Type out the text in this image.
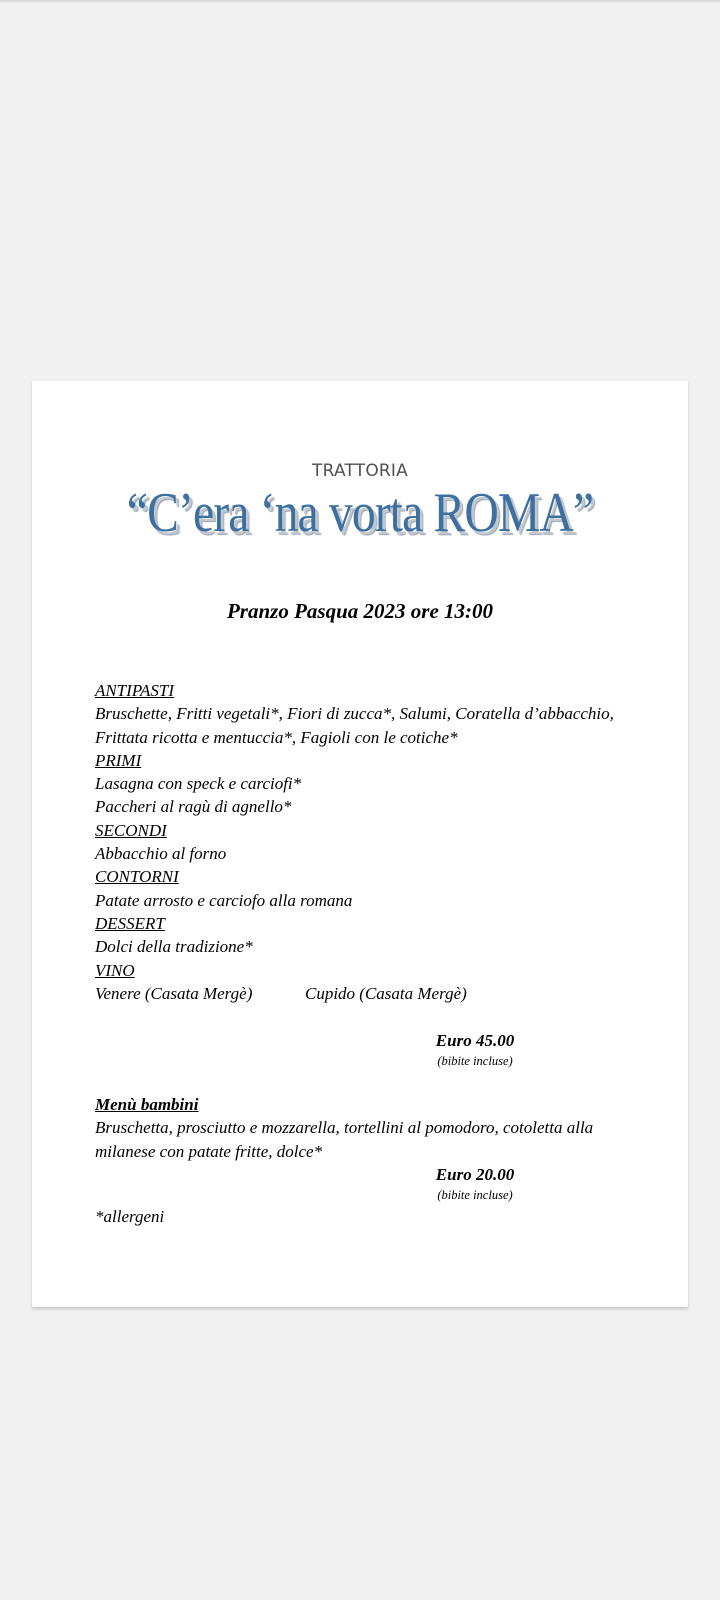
TRATTORIA
“C’era ‘na vorta ROMA”
Pranzo Pasqua 2023 ore 13:00
ANTIPASTI
Bruschette, Fritti vegetali*, Fiori di zucca*, Salumi, Coratella d’abbacchio,
Frittata ricotta e mentuccia*, Fagioli con le cotiche*
PRIMI
Lasagna con speck e carciofi*
Paccheri al ragù di agnello*
SECONDI
Abbacchio al forno
CONTORNI
Patate arrosto e carciofo alla romana
DESSERT
Dolci della tradizione*
VINO
Venere (Casata Mergè)	Cupido (Casata Mergè)
Euro 45.00
(bibite incluse)
Menù bambini
Bruschetta, prosciutto e mozzarella, tortellini al pomodoro, cotoletta alla
milanese con patate fritte, dolce*
Euro 20.00
(bibite incluse)
*allergeni
